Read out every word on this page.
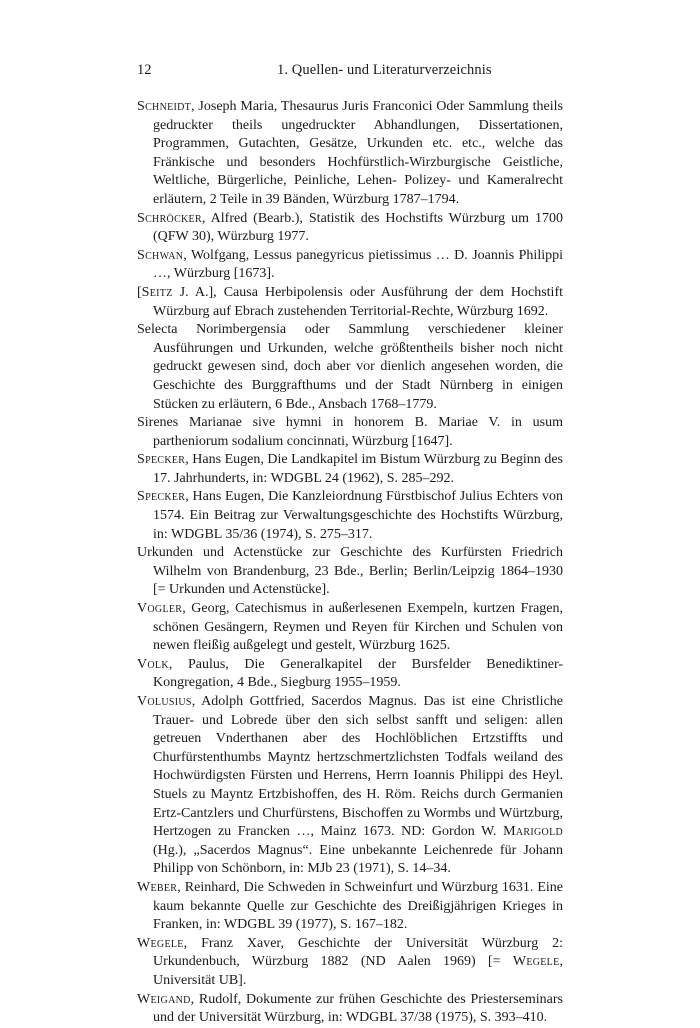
12	1. Quellen- und Literaturverzeichnis
Schneidt, Joseph Maria, Thesaurus Juris Franconici Oder Sammlung theils gedruckter theils ungedruckter Abhandlungen, Dissertationen, Programmen, Gutachten, Gesätze, Urkunden etc. etc., welche das Fränkische und besonders Hochfürstlich-Wirzburgische Geistliche, Weltliche, Bürgerliche, Peinliche, Lehen- Polizey- und Kameralrecht erläutern, 2 Teile in 39 Bänden, Würzburg 1787–1794.
Schröcker, Alfred (Bearb.), Statistik des Hochstifts Würzburg um 1700 (QFW 30), Würzburg 1977.
Schwan, Wolfgang, Lessus panegyricus pietissimus … D. Joannis Philippi …, Würzburg [1673].
[Seitz J. A.], Causa Herbipolensis oder Ausführung der dem Hochstift Würzburg auf Ebrach zustehenden Territorial-Rechte, Würzburg 1692.
Selecta Norimbergensia oder Sammlung verschiedener kleiner Ausführungen und Urkunden, welche größtentheils bisher noch nicht gedruckt gewesen sind, doch aber vor dienlich angesehen worden, die Geschichte des Burggrafthums und der Stadt Nürnberg in einigen Stücken zu erläutern, 6 Bde., Ansbach 1768–1779.
Sirenes Marianae sive hymni in honorem B. Mariae V. in usum partheniorum sodalium concinnati, Würzburg [1647].
Specker, Hans Eugen, Die Landkapitel im Bistum Würzburg zu Beginn des 17. Jahrhunderts, in: WDGBL 24 (1962), S. 285–292.
Specker, Hans Eugen, Die Kanzleiordnung Fürstbischof Julius Echters von 1574. Ein Beitrag zur Verwaltungsgeschichte des Hochstifts Würzburg, in: WDGBL 35/36 (1974), S. 275–317.
Urkunden und Actenstücke zur Geschichte des Kurfürsten Friedrich Wilhelm von Brandenburg, 23 Bde., Berlin; Berlin/Leipzig 1864–1930 [= Urkunden und Actenstücke].
Vogler, Georg, Catechismus in außerlesenen Exempeln, kurtzen Fragen, schönen Gesängern, Reymen und Reyen für Kirchen und Schulen von newen fleißig außgelegt und gestelt, Würzburg 1625.
Volk, Paulus, Die Generalkapitel der Bursfelder Benediktiner-Kongregation, 4 Bde., Siegburg 1955–1959.
Volusius, Adolph Gottfried, Sacerdos Magnus. Das ist eine Christliche Trauer- und Lobrede über den sich selbst sanfft und seligen: allen getreuen Vnderthanen aber des Hochlöblichen Ertzstiffts und Churfürstenthumbs Mayntz hertzschmertzlichsten Todfals weiland des Hochwürdigsten Fürsten und Herrens, Herrn Ioannis Philippi des Heyl. Stuels zu Mayntz Ertzbishoffen, des H. Röm. Reichs durch Germanien Ertz-Cantzlers und Churfürstens, Bischoffen zu Wormbs und Würtzburg, Hertzogen zu Francken …, Mainz 1673. ND: Gordon W. Marigold (Hg.), „Sacerdos Magnus“. Eine unbekannte Leichenrede für Johann Philipp von Schönborn, in: MJb 23 (1971), S. 14–34.
Weber, Reinhard, Die Schweden in Schweinfurt und Würzburg 1631. Eine kaum bekannte Quelle zur Geschichte des Dreißigjährigen Krieges in Franken, in: WDGBL 39 (1977), S. 167–182.
Wegele, Franz Xaver, Geschichte der Universität Würzburg 2: Urkundenbuch, Würzburg 1882 (ND Aalen 1969) [= Wegele, Universität UB].
Weigand, Rudolf, Dokumente zur frühen Geschichte des Priesterseminars und der Universität Würzburg, in: WDGBL 37/38 (1975), S. 393–410.
